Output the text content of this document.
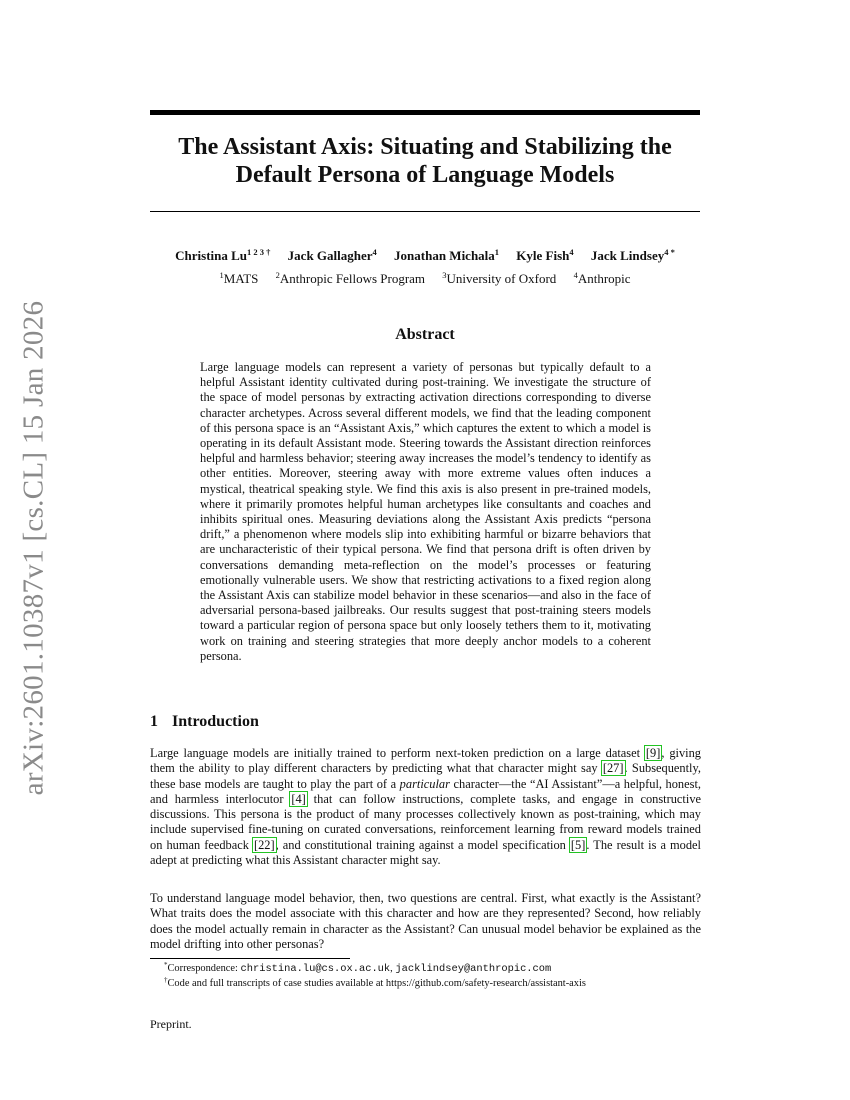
arXiv:2601.10387v1 [cs.CL] 15 Jan 2026
The Assistant Axis: Situating and Stabilizing the Default Persona of Language Models
Christina $Lu^{1 2 3 \dagger}$ Jack Gallagher$^4$ Jonathan Michala$^1$ Kyle Fish$^4$ Jack Lindsey$^{4 *}$
$^1$MATS $^2$Anthropic Fellows Program $^3$University of Oxford $^4$Anthropic
Abstract

Large language models can represent a variety of personas but typically default to a helpful Assistant identity cultivated during post-training. We investigate the structure of the space of model personas by extracting activation directions corresponding to diverse character archetypes. Across several different models, we find that the leading component of this persona space is an “Assistant Axis,” which captures the extent to which a model is operating in its default Assistant mode. Steering towards the Assistant direction reinforces helpful and harmless behavior; steering away increases the model’s tendency to identify as other entities. Moreover, steering away with more extreme values often induces a mystical, theatrical speaking style. We find this axis is also present in pre-trained models, where it primarily promotes helpful human archetypes like consultants and coaches and inhibits spiritual ones. Measuring deviations along the Assistant Axis predicts “persona drift,” a phenomenon where models slip into exhibiting harmful or bizarre behaviors that are uncharacteristic of their typical persona. We find that persona drift is often driven by conversations demanding meta-reflection on the model’s processes or featuring emotionally vulnerable users. We show that restricting activations to a fixed region along the Assistant Axis can stabilize model behavior in these scenarios—and also in the face of adversarial persona-based jailbreaks. Our results suggest that post-training steers models toward a particular region of persona space but only loosely tethers them to it, motivating work on training and steering strategies that more deeply anchor models to a coherent persona.

1 Introduction

Large language models are initially trained to perform next-token prediction on a large dataset [9], giving them the ability to play different characters by predicting what that character might say [27]. Subsequently, these base models are taught to play the part of a particular character—the “AI Assistant”—a helpful, honest, and harmless interlocutor [4] that can follow instructions, complete tasks, and engage in constructive discussions. This persona is the product of many processes collectively known as post-training, which may include supervised fine-tuning on curated conversations, reinforcement learning from reward models trained on human feedback [22], and constitutional training against a model specification [5]. The result is a model adept at predicting what this Assistant character might say.

To understand language model behavior, then, two questions are central. First, what exactly is the Assistant? What traits does the model associate with this character and how are they represented? Second, how reliably does the model actually remain in character as the Assistant? Can unusual model behavior be explained as the model drifting into other personas?

*Correspondence: christina.lu@cs.ox.ac.uk, jacklindsey@anthropic.com

†Code and full transcripts of case studies available at https://github.com/safety-research/assistant-axis

Preprint.
